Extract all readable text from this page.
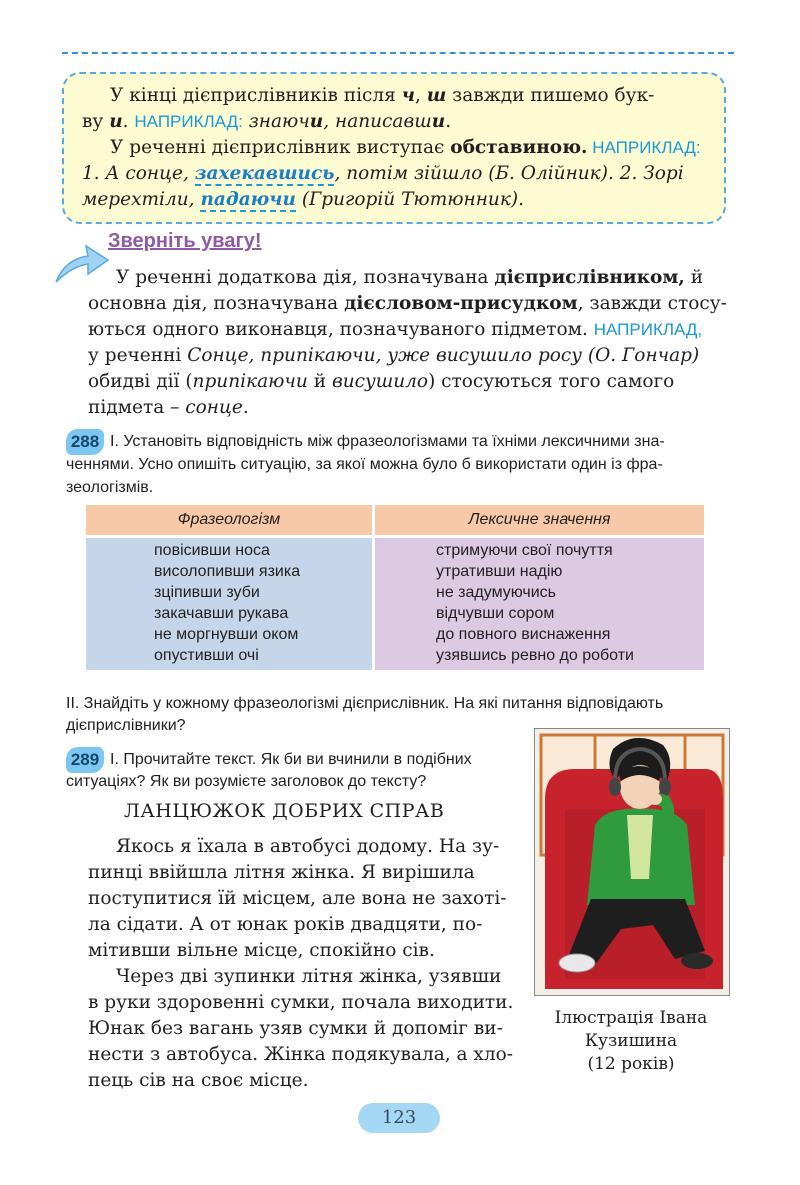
У кінці дієприслівників після ч, ш завжди пишемо бук-
ву и. НАПРИКЛАД: знаючи, написавши.
У реченні дієприслівник виступає обставиною. НАПРИКЛАД:
1. А сонце, захекавшись, потім зійшло (Б. Олійник). 2. Зорі
мерехтіли, падаючи (Григорій Тютюнник).
Зверніть увагу!
У реченні додаткова дія, позначувана дієприслівником, й
основна дія, позначувана дієсловом-присудком, завжди стосу-
ються одного виконавця, позначуваного підметом. НАПРИКЛАД,
у реченні Сонце, припікаючи, уже висушило росу (О. Гончар)
обидві дії (припікаючи й висушило) стосуються того самого
підмета – сонце.
288 І. Установіть відповідність між фразеологізмами та їхніми лексичними зна-
ченнями. Усно опишіть ситуацію, за якої можна було б використати один із фра-
зеологізмів.
Фразеологізм	Лексичне значення
повісивши носа
висолопивши язика
зціпивши зуби
закачавши рукава
не моргнувши оком
опустивши очі
стримуючи свої почуття
утративши надію
не задумуючись
відчувши сором
до повного виснаження
узявшись ревно до роботи
ІІ. Знайдіть у кожному фразеологізмі дієприслівник. На які питання відповідають
дієприслівники?
289 І. Прочитайте текст. Як би ви вчинили в подібних
ситуаціях? Як ви розумієте заголовок до тексту?
ЛАНЦЮЖОК ДОБРИХ СПРАВ
Якось я їхала в автобусі додому. На зу-
пинці ввійшла літня жінка. Я вирішила
поступитися їй місцем, але вона не захоті-
ла сідати. А от юнак років двадцяти, по-
мітивши вільне місце, спокійно сів.
Через дві зупинки літня жінка, узявши
в руки здоровенні сумки, почала виходити.
Юнак без вагань узяв сумки й допоміг ви-
нести з автобуса. Жінка подякувала, а хло-
пець сів на своє місце.
Ілюстрація Івана
Кузишина
(12 років)
123
